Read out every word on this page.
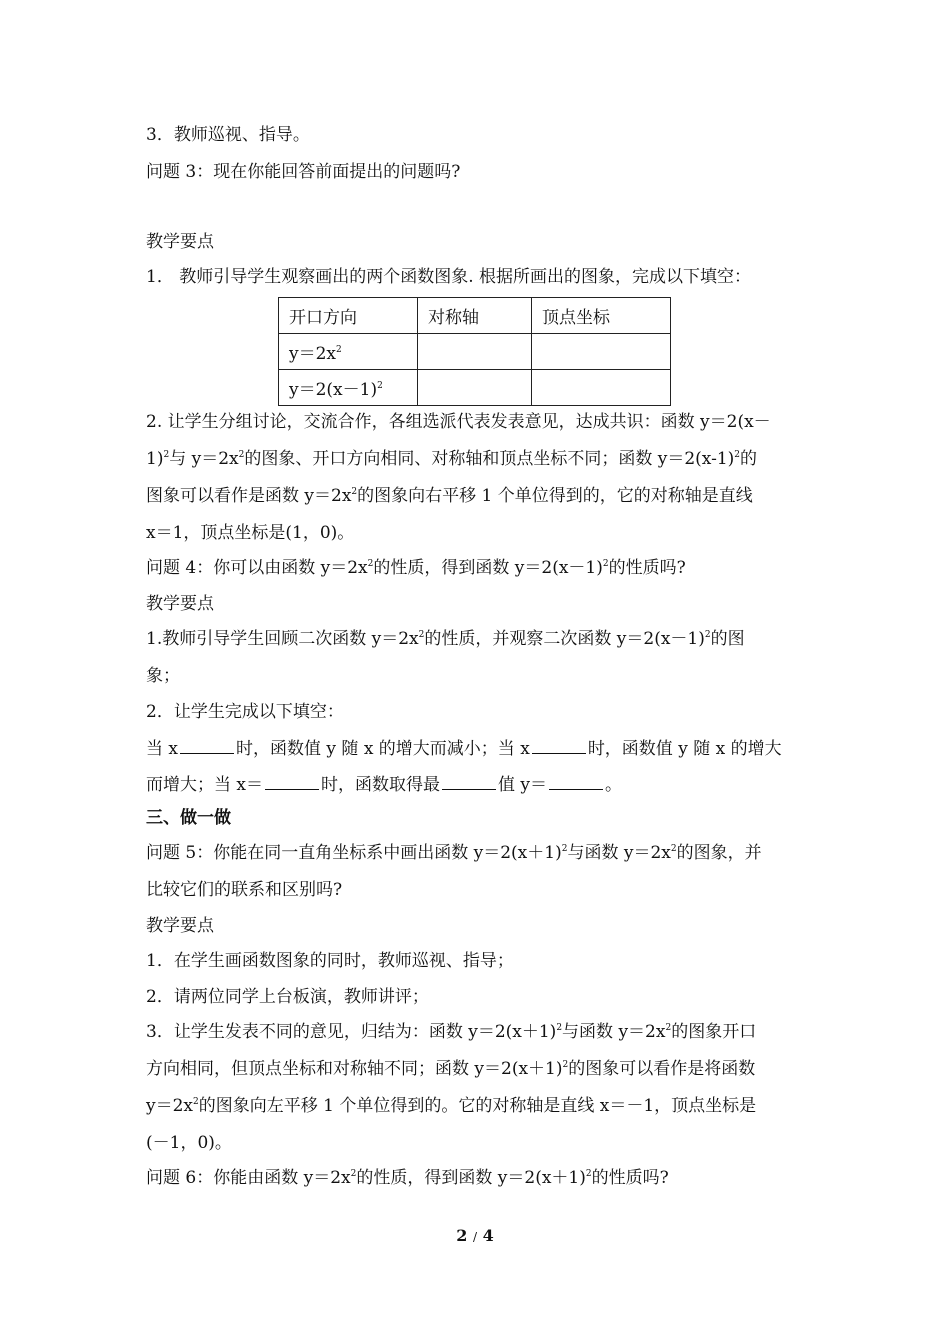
3．教师巡视、指导。
问题 3：现在你能回答前面提出的问题吗?
教学要点
1． 教师引导学生观察画出的两个函数图象. 根据所画出的图象，完成以下填空：
开口方向	对称轴	顶点坐标
$y=2x^2$		
$y=2(x-1)^2$		
2. 让学生分组讨论，交流合作，各组选派代表发表意见，达成共识：函数 y＝2(x－
1)$^2$与 $y=2x^2$的图象、开口方向相同、对称轴和顶点坐标不同；函数 $y=2(x-1)^2$的
图象可以看作是函数 $y=2x^2$的图象向右平移 1 个单位得到的，它的对称轴是直线
x＝1，顶点坐标是(1，0)。
问题 4：你可以由函数 $y=2x^2$的性质，得到函数 $y=2(x-1)^2$的性质吗?
教学要点
1.教师引导学生回顾二次函数 $y=2x^2$的性质，并观察二次函数 $y=2(x-1)^2$的图
象；
2．让学生完成以下填空：
当 x	时，函数值 y 随 x 的增大而减小；当 x	时，函数值 y 随 x 的增大
而增大；当 x＝	时，函数取得最	值 y＝	。
三、做一做
问题 5：你能在同一直角坐标系中画出函数 $y=2(x+1)^2$与函数 $y=2x^2$的图象，并
比较它们的联系和区别吗?
教学要点
1．在学生画函数图象的同时，教师巡视、指导；
2．请两位同学上台板演，教师讲评；
3．让学生发表不同的意见，归结为：函数 $y=2(x+1)^2$与函数 $y=2x^2$的图象开口
方向相同，但顶点坐标和对称轴不同；函数 $y=2(x+1)^2$的图象可以看作是将函数
$y=2x^2$的图象向左平移 1 个单位得到的。它的对称轴是直线 x＝－1，顶点坐标是
(－1，0)。
问题 6：你能由函数 $y=2x^2$的性质，得到函数 $y=2(x+1)^2$的性质吗?
2 / 4
